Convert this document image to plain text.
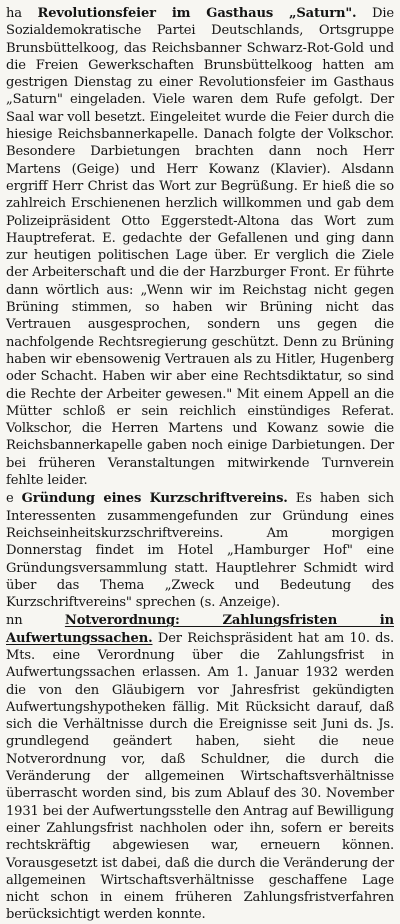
ha Revolutionsfeier im Gasthaus „Saturn". Die Sozialdemokratische Partei Deutschlands, Ortsgruppe Brunsbüttelkoog, das Reichsbanner Schwarz-Rot-Gold und die Freien Gewerkschaften Brunsbüttelkoog hatten am gestrigen Dienstag zu einer Revolutionsfeier im Gasthaus „Saturn" eingeladen. Viele waren dem Rufe gefolgt. Der Saal war voll besetzt. Eingeleitet wurde die Feier durch die hiesige Reichsbannerkapelle. Danach folgte der Volkschor. Besondere Darbietungen brachten dann noch Herr Martens (Geige) und Herr Kowanz (Klavier). Alsdann ergriff Herr Christ das Wort zur Begrüßung. Er hieß die so zahlreich Erschienenen herzlich willkommen und gab dem Polizeipräsident Otto Eggerstedt-Altona das Wort zum Hauptreferat. E. gedachte der Gefallenen und ging dann zur heutigen politischen Lage über. Er verglich die Ziele der Arbeiterschaft und die der Harzburger Front. Er führte dann wörtlich aus: „Wenn wir im Reichstag nicht gegen Brüning stimmen, so haben wir Brüning nicht das Vertrauen ausgesprochen, sondern uns gegen die nachfolgende Rechtsregierung geschützt. Denn zu Brüning haben wir ebensowenig Vertrauen als zu Hitler, Hugenberg oder Schacht. Haben wir aber eine Rechtsdiktatur, so sind die Rechte der Arbeiter gewesen." Mit einem Appell an die Mütter schloß er sein reichlich einstündiges Referat. Volkschor, die Herren Martens und Kowanz sowie die Reichsbannerkapelle gaben noch einige Darbietungen. Der bei früheren Veranstaltungen mitwirkende Turnverein fehlte leider.

e Gründung eines Kurzschriftvereins. Es haben sich Interessenten zusammengefunden zur Gründung eines Reichseinheitskurzschriftvereins. Am morgigen Donnerstag findet im Hotel „Hamburger Hof" eine Gründungsversammlung statt. Hauptlehrer Schmidt wird über das Thema „Zweck und Bedeutung des Kurzschriftvereins" sprechen (s. Anzeige).

nn	Notverordnung: Zahlungsfristen in Aufwertungssachen. Der Reichspräsident hat am 10. ds. Mts. eine Verordnung über die Zahlungsfrist in Aufwertungssachen erlassen. Am 1. Januar 1932 werden die von den Gläubigern vor Jahresfrist gekündigten Aufwertungshypotheken fällig. Mit Rücksicht darauf, daß sich die Verhältnisse durch die Ereignisse seit Juni ds. Js. grundlegend geändert haben, sieht die neue Notverordnung vor, daß Schuldner, die durch die Veränderung der allgemeinen Wirtschaftsverhältnisse überrascht worden sind, bis zum Ablauf des 30. November 1931 bei der Aufwertungsstelle den Antrag auf Bewilligung einer Zahlungsfrist nachholen oder ihn, sofern er bereits rechtskräftig abgewiesen war, erneuern können. Vorausgesetzt ist dabei, daß die durch die Veränderung der allgemeinen Wirtschaftsverhältnisse geschaffene Lage nicht schon in einem früheren Zahlungsfristverfahren berücksichtigt werden konnte.
